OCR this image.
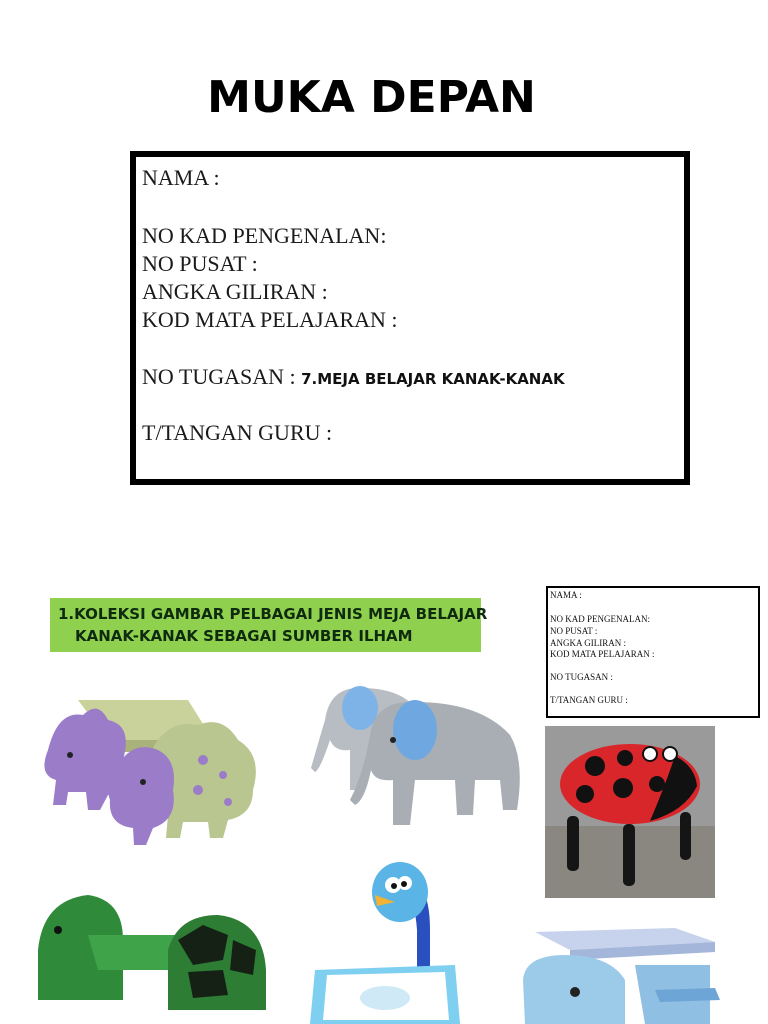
MUKA DEPAN
NAMA :
NO KAD PENGENALAN:
NO PUSAT :
ANGKA GILIRAN :
KOD MATA PELAJARAN :
NO TUGASAN : 7.MEJA BELAJAR KANAK-KANAK
T/TANGAN GURU :
NAMA :
NO KAD PENGENALAN:
NO PUSAT :
ANGKA GILIRAN :
KOD MATA PELAJARAN :
NO TUGASAN :
T/TANGAN GURU :
1.KOLEKSI GAMBAR PELBAGAI JENIS MEJA BELAJAR
KANAK-KANAK SEBAGAI SUMBER ILHAM
